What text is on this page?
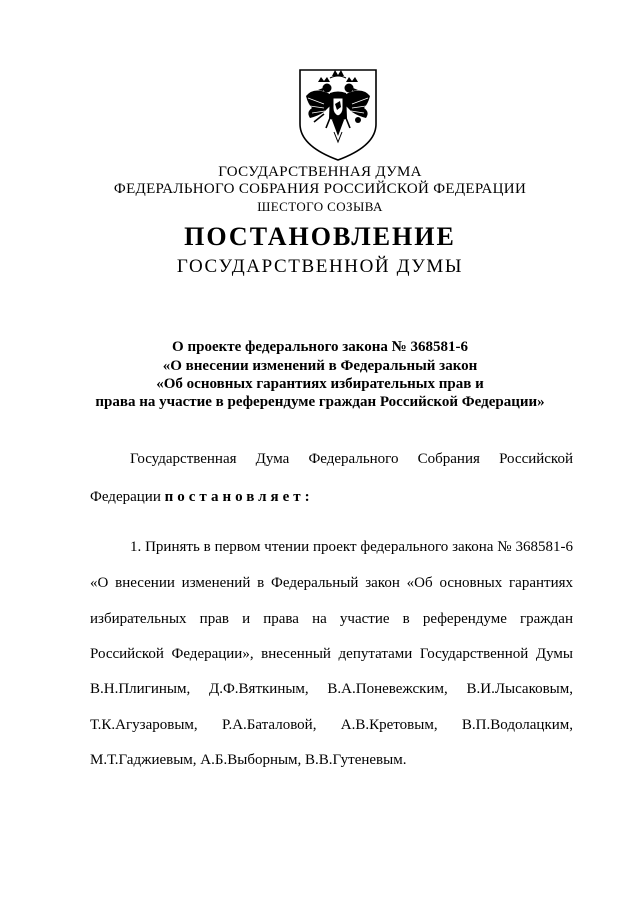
ГОСУДАРСТВЕННАЯ ДУМА
ФЕДЕРАЛЬНОГО СОБРАНИЯ РОССИЙСКОЙ ФЕДЕРАЦИИ
ШЕСТОГО СОЗЫВА
ПОСТАНОВЛЕНИЕ
ГОСУДАРСТВЕННОЙ ДУМЫ
О проекте федерального закона № 368581-6
«О внесении изменений в Федеральный закон
«Об основных гарантиях избирательных прав и
права на участие в референдуме граждан Российской Федерации»
Государственная Дума Федерального Собрания Российской
Федерации постановляет:
1. Принять в первом чтении проект федерального закона № 368581-6
«О внесении изменений в Федеральный закон «Об основных гарантиях
избирательных прав и права на участие в референдуме граждан
Российской Федерации», внесенный депутатами Государственной Думы
В.Н.Плигиным, Д.Ф.Вяткиным, В.А.Поневежским, В.И.Лысаковым,
Т.К.Агузаровым, Р.А.Баталовой, А.В.Кретовым, В.П.Водолацким,
М.Т.Гаджиевым, А.Б.Выборным, В.В.Гутеневым.
